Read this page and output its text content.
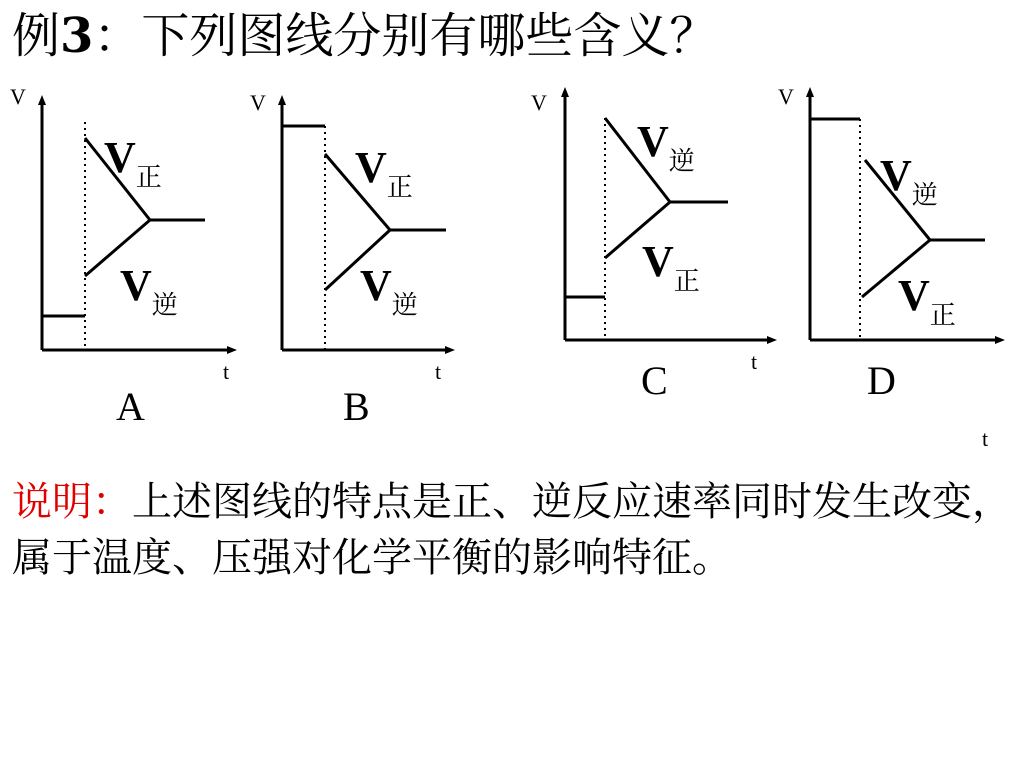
例3：下列图线分别有哪些含义？
V	V	V	V
t	t	t
t
V正
V逆
V正
V逆
V逆
V正
V逆
V正
A	B
C	D
说明：上述图线的特点是正、逆反应速率同时发生改变，属于温度、压强对化学平衡的影响特征。
